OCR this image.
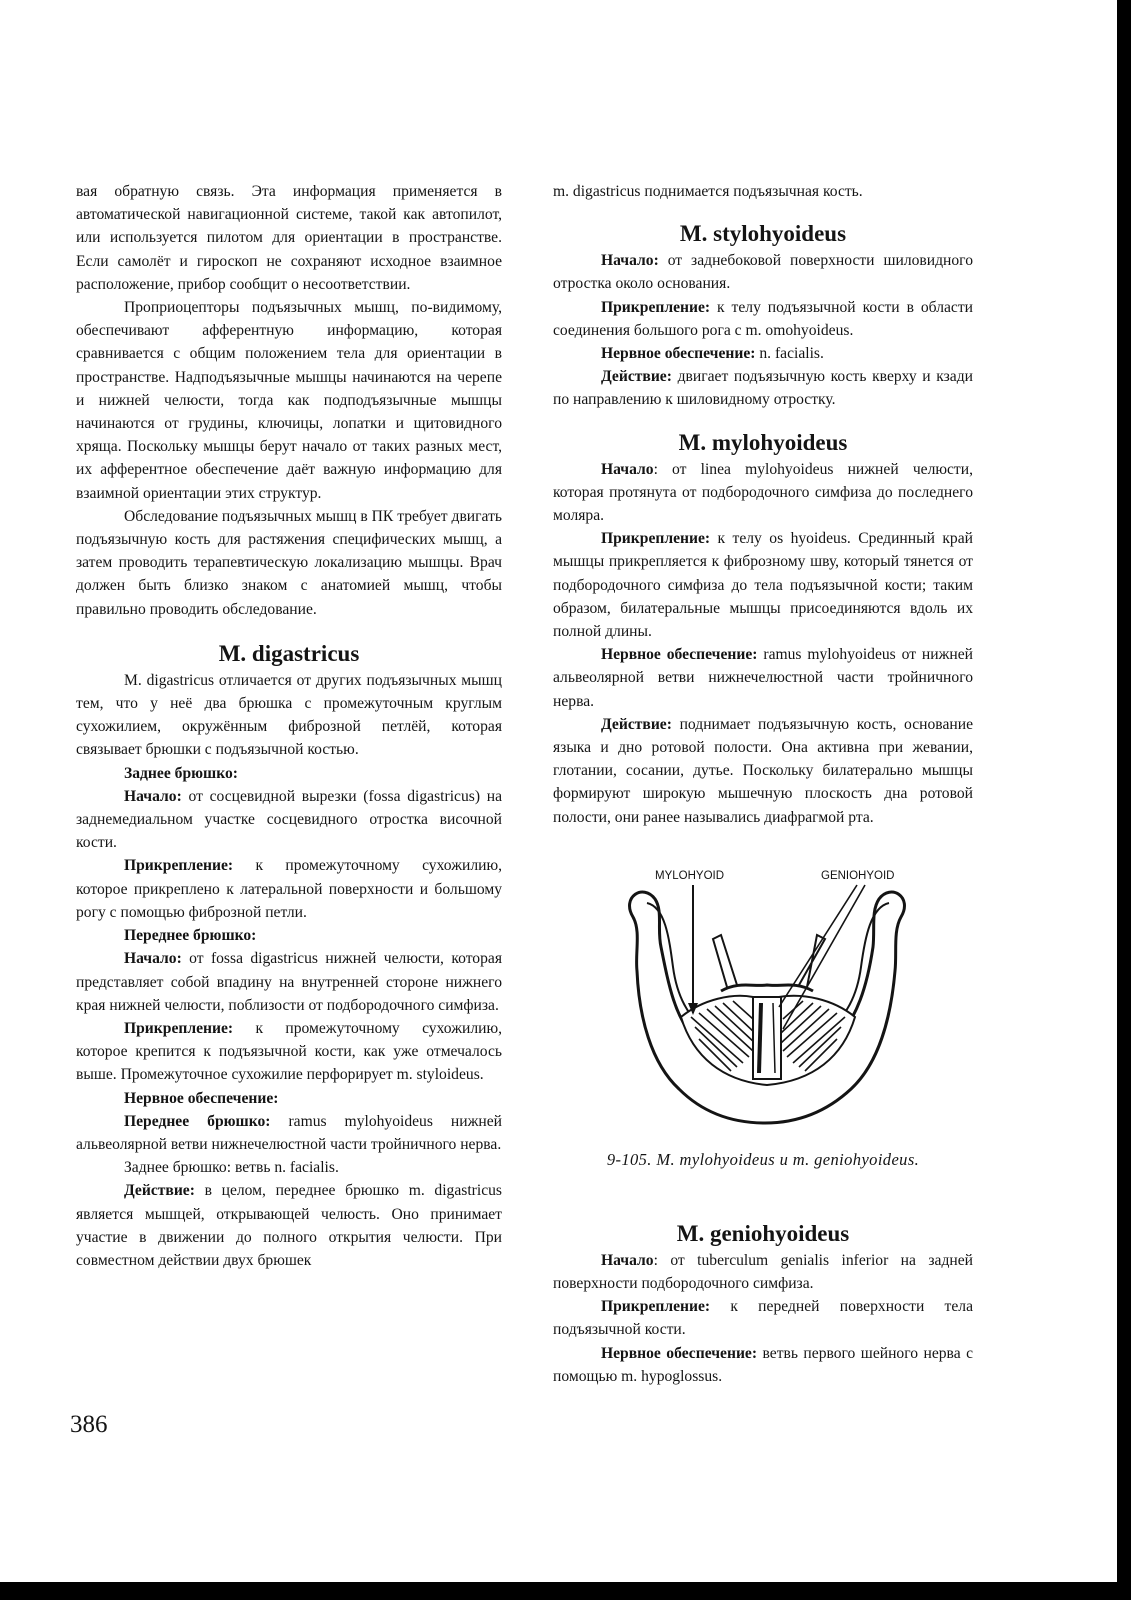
вая обратную связь. Эта информация применяется в автоматической навигационной системе, такой как автопилот, или используется пилотом для ориентации в пространстве. Если самолёт и гироскоп не сохраняют исходное взаимное расположение, прибор сообщит о несоответствии.

Проприоцепторы подъязычных мышц, по-видимому, обеспечивают афферентную информацию, которая сравнивается с общим положением тела для ориентации в пространстве. Надподъязычные мышцы начинаются на черепе и нижней челюсти, тогда как подподъязычные мышцы начинаются от грудины, ключицы, лопатки и щитовидного хряща. Поскольку мышцы берут начало от таких разных мест, их афферентное обеспечение даёт важную информацию для взаимной ориентации этих структур.

Обследование подъязычных мышц в ПК требует двигать подъязычную кость для растяжения специфических мышц, а затем проводить терапевтическую локализацию мышцы. Врач должен быть близко знаком с анатомией мышц, чтобы правильно проводить обследование.

M. digastricus

M. digastricus отличается от других подъязычных мышц тем, что у неё два брюшка с промежуточным круглым сухожилием, окружённым фиброзной петлёй, которая связывает брюшки с подъязычной костью.

Заднее брюшко:

Начало: от сосцевидной вырезки (fossa digastricus) на заднемедиальном участке сосцевидного отростка височной кости.

Прикрепление: к промежуточному сухожилию, которое прикреплено к латеральной поверхности и большому рогу с помощью фиброзной петли.

Переднее брюшко:

Начало: от fossa digastricus нижней челюсти, которая представляет собой впадину на внутренней стороне нижнего края нижней челюсти, поблизости от подбородочного симфиза.

Прикрепление: к промежуточному сухожилию, которое крепится к подъязычной кости, как уже отмечалось выше. Промежуточное сухожилие перфорирует m. styloideus.

Нервное обеспечение:

Переднее брюшко: ramus mylohyoideus нижней альвеолярной ветви нижнечелюстной части тройничного нерва.

Заднее брюшко: ветвь n. facialis.

Действие: в целом, переднее брюшко m. digastricus является мышцей, открывающей челюсть. Оно принимает участие в движении до полного открытия челюсти. При совместном действии двух брюшек

m. digastricus поднимается подъязычная кость.

M. stylohyoideus

Начало: от заднебоковой поверхности шиловидного отростка около основания.

Прикрепление: к телу подъязычной кости в области соединения большого рога с m. omohyoideus.

Нервное обеспечение: n. facialis.

Действие: двигает подъязычную кость кверху и кзади по направлению к шиловидному отростку.

M. mylohyoideus

Начало: от linea mylohyoideus нижней челюсти, которая протянута от подбородочного симфиза до последнего моляра.

Прикрепление: к телу os hyoideus. Срединный край мышцы прикрепляется к фиброзному шву, который тянется от подбородочного симфиза до тела подъязычной кости; таким образом, билатеральные мышцы присоединяются вдоль их полной длины.

Нервное обеспечение: ramus mylohyoideus от нижней альвеолярной ветви нижнечелюстной части тройничного нерва.

Действие: поднимает подъязычную кость, основание языка и дно ротовой полости. Она активна при жевании, глотании, сосании, дутье. Поскольку билатерально мышцы формируют широкую мышечную плоскость дна ротовой полости, они ранее назывались диафрагмой рта.

MYLOHYOID	GENIOHYOID
9-105. M. mylohyoideus и m. geniohyoideus.
M. geniohyoideus

Начало: от tuberculum genialis inferior на задней поверхности подбородочного симфиза.

Прикрепление: к передней поверхности тела подъязычной кости.

Нервное обеспечение: ветвь первого шейного нерва с помощью m. hypoglossus.

386
